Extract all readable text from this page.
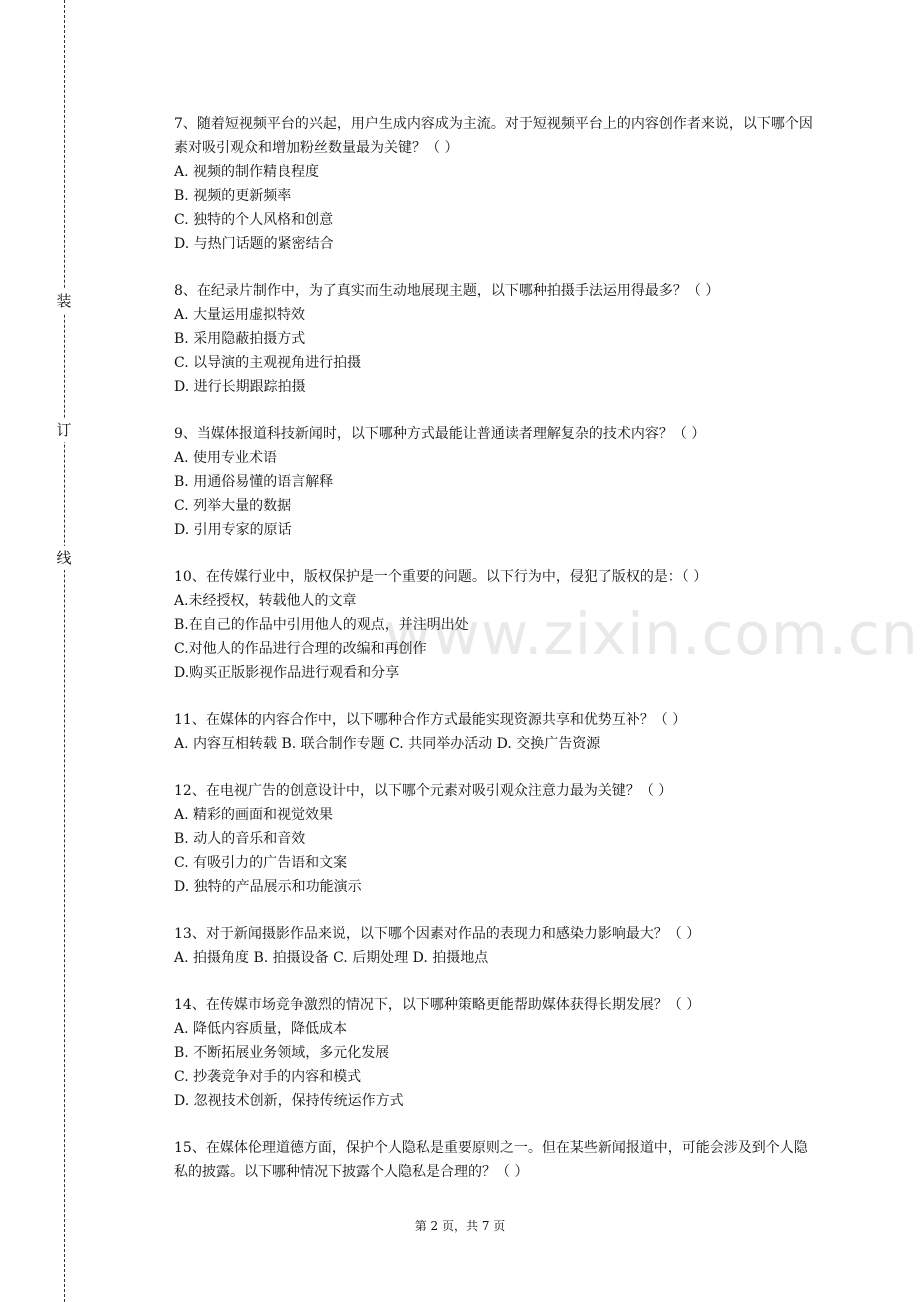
装
订
线
www.zixin.com.cn

7、随着短视频平台的兴起，用户生成内容成为主流。对于短视频平台上的内容创作者来说，以下哪个因素对吸引观众和增加粉丝数量最为关键？（ ）

A. 视频的制作精良程度

B. 视频的更新频率

C. 独特的个人风格和创意

D. 与热门话题的紧密结合

8、在纪录片制作中，为了真实而生动地展现主题，以下哪种拍摄手法运用得最多？（ ）

A. 大量运用虚拟特效

B. 采用隐蔽拍摄方式

C. 以导演的主观视角进行拍摄

D. 进行长期跟踪拍摄

9、当媒体报道科技新闻时，以下哪种方式最能让普通读者理解复杂的技术内容？（ ）

A. 使用专业术语

B. 用通俗易懂的语言解释

C. 列举大量的数据

D. 引用专家的原话

10、在传媒行业中，版权保护是一个重要的问题。以下行为中，侵犯了版权的是：（ ）

A.未经授权，转载他人的文章

B.在自己的作品中引用他人的观点，并注明出处

C.对他人的作品进行合理的改编和再创作

D.购买正版影视作品进行观看和分享

11、在媒体的内容合作中，以下哪种合作方式最能实现资源共享和优势互补？（ ）

A. 内容互相转载 B. 联合制作专题 C. 共同举办活动 D. 交换广告资源

12、在电视广告的创意设计中，以下哪个元素对吸引观众注意力最为关键？（ ）

A. 精彩的画面和视觉效果

B. 动人的音乐和音效

C. 有吸引力的广告语和文案

D. 独特的产品展示和功能演示

13、对于新闻摄影作品来说，以下哪个因素对作品的表现力和感染力影响最大？（ ）

A. 拍摄角度 B. 拍摄设备 C. 后期处理 D. 拍摄地点

14、在传媒市场竞争激烈的情况下，以下哪种策略更能帮助媒体获得长期发展？（ ）

A. 降低内容质量，降低成本

B. 不断拓展业务领域，多元化发展

C. 抄袭竞争对手的内容和模式

D. 忽视技术创新，保持传统运作方式

15、在媒体伦理道德方面，保护个人隐私是重要原则之一。但在某些新闻报道中，可能会涉及到个人隐私的披露。以下哪种情况下披露个人隐私是合理的？（ ）

第 2 页，共 7 页
